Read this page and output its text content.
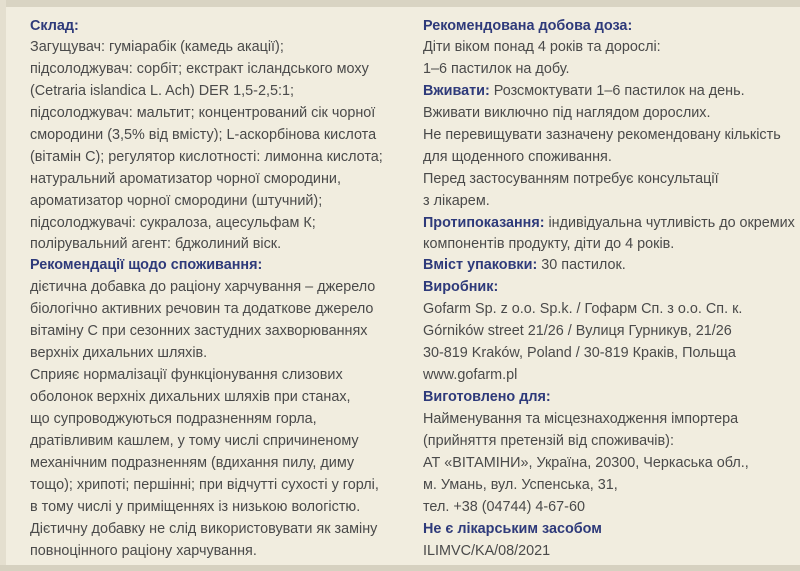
Склад:
Загущувач: гуміарабік (камедь акації);
підсолоджувач: сорбіт; екстракт ісландського моху
(Cetraria islandica L. Ach) DER 1,5-2,5:1;
підсолоджувач: мальтит; концентрований сік чорної
смородини (3,5% від вмісту); L-аскорбінова кислота
(вітамін С); регулятор кислотності: лимонна кислота;
натуральний ароматизатор чорної смородини,
ароматизатор чорної смородини (штучний);
підсолоджувачі: сукралоза, ацесульфам К;
полірувальний агент: бджолиний віск.
Рекомендації щодо споживання:
дієтична добавка до раціону харчування – джерело
біологічно активних речовин та додаткове джерело
вітаміну С при сезонних застудних захворюваннях
верхніх дихальних шляхів.
Сприяє нормалізації функціонування слизових
оболонок верхніх дихальних шляхів при станах,
що супроводжуються подразненням горла,
дратівливим кашлем, у тому числі спричиненому
механічним подразненням (вдихання пилу, диму
тощо); хрипоті; першінні; при відчутті сухості у горлі,
в тому числі у приміщеннях із низькою вологістю.
Дієтичну добавку не слід використовувати як заміну
повноцінного раціону харчування.
Рекомендована добова доза:
Діти віком понад 4 років та дорослі:
1–6 пастилок на добу.
Вживати: Розсмоктувати 1–6 пастилок на день.
Вживати виключно під наглядом дорослих.
Не перевищувати зазначену рекомендовану кількість
для щоденного споживання.
Перед застосуванням потребує консультації
з лікарем.
Протипоказання: індивідуальна чутливість до окремих
компонентів продукту, діти до 4 років.
Вміст упаковки: 30 пастилок.
Виробник:
Gofarm Sp. z o.o. Sp.k. / Гофарм Сп. з о.о. Сп. к.
Górników street 21/26 / Вулиця Гурникув, 21/26
30-819 Kraków, Poland / 30-819 Краків, Польща
www.gofarm.pl
Виготовлено для:
Найменування та місцезнаходження імпортера
(прийняття претензій від споживачів):
АТ «ВІТАМІНИ», Україна, 20300, Черкаська обл.,
м. Умань, вул. Успенська, 31,
тел. +38 (04744) 4-67-60
Не є лікарським засобом
ILIMVC/KA/08/2021
